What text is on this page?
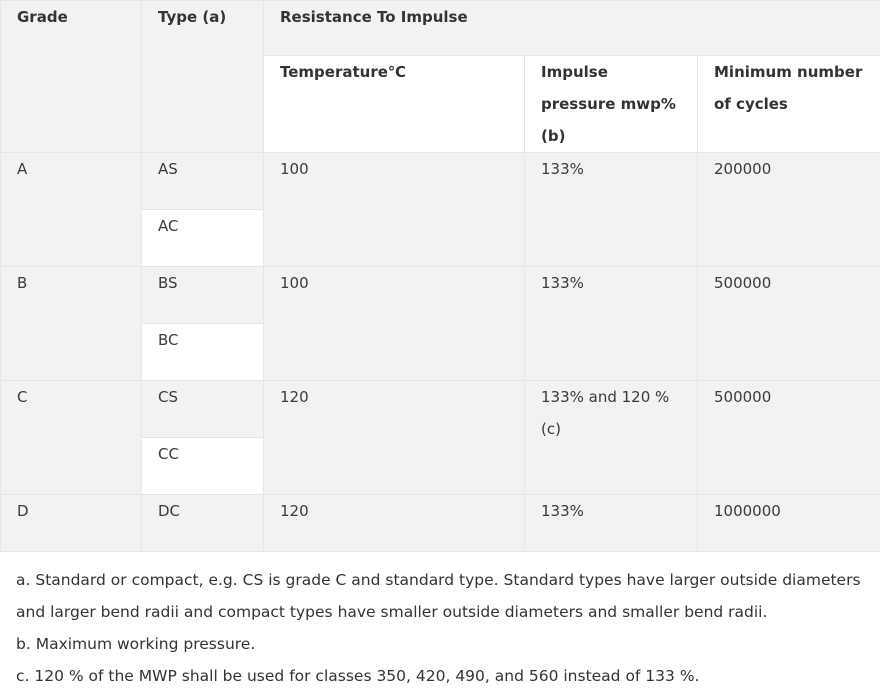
Grade	Type (a)	Resistance To Impulse		
		Temperature℃	Impulse pressure mwp%(b)	Minimum number of cycles
A	AS	100	133%	200000
	AC			
B	BS	100	133%	500000
	BC			
C	CS	120	133% and 120 %(c)	500000
	CC			
D	DC	120	133%	1000000

a. Standard or compact, e.g. CS is grade C and standard type. Standard types have larger outside diameters and larger bend radii and compact types have smaller outside diameters and smaller bend radii.

b. Maximum working pressure.

c. 120 % of the MWP shall be used for classes 350, 420, 490, and 560 instead of 133 %.
